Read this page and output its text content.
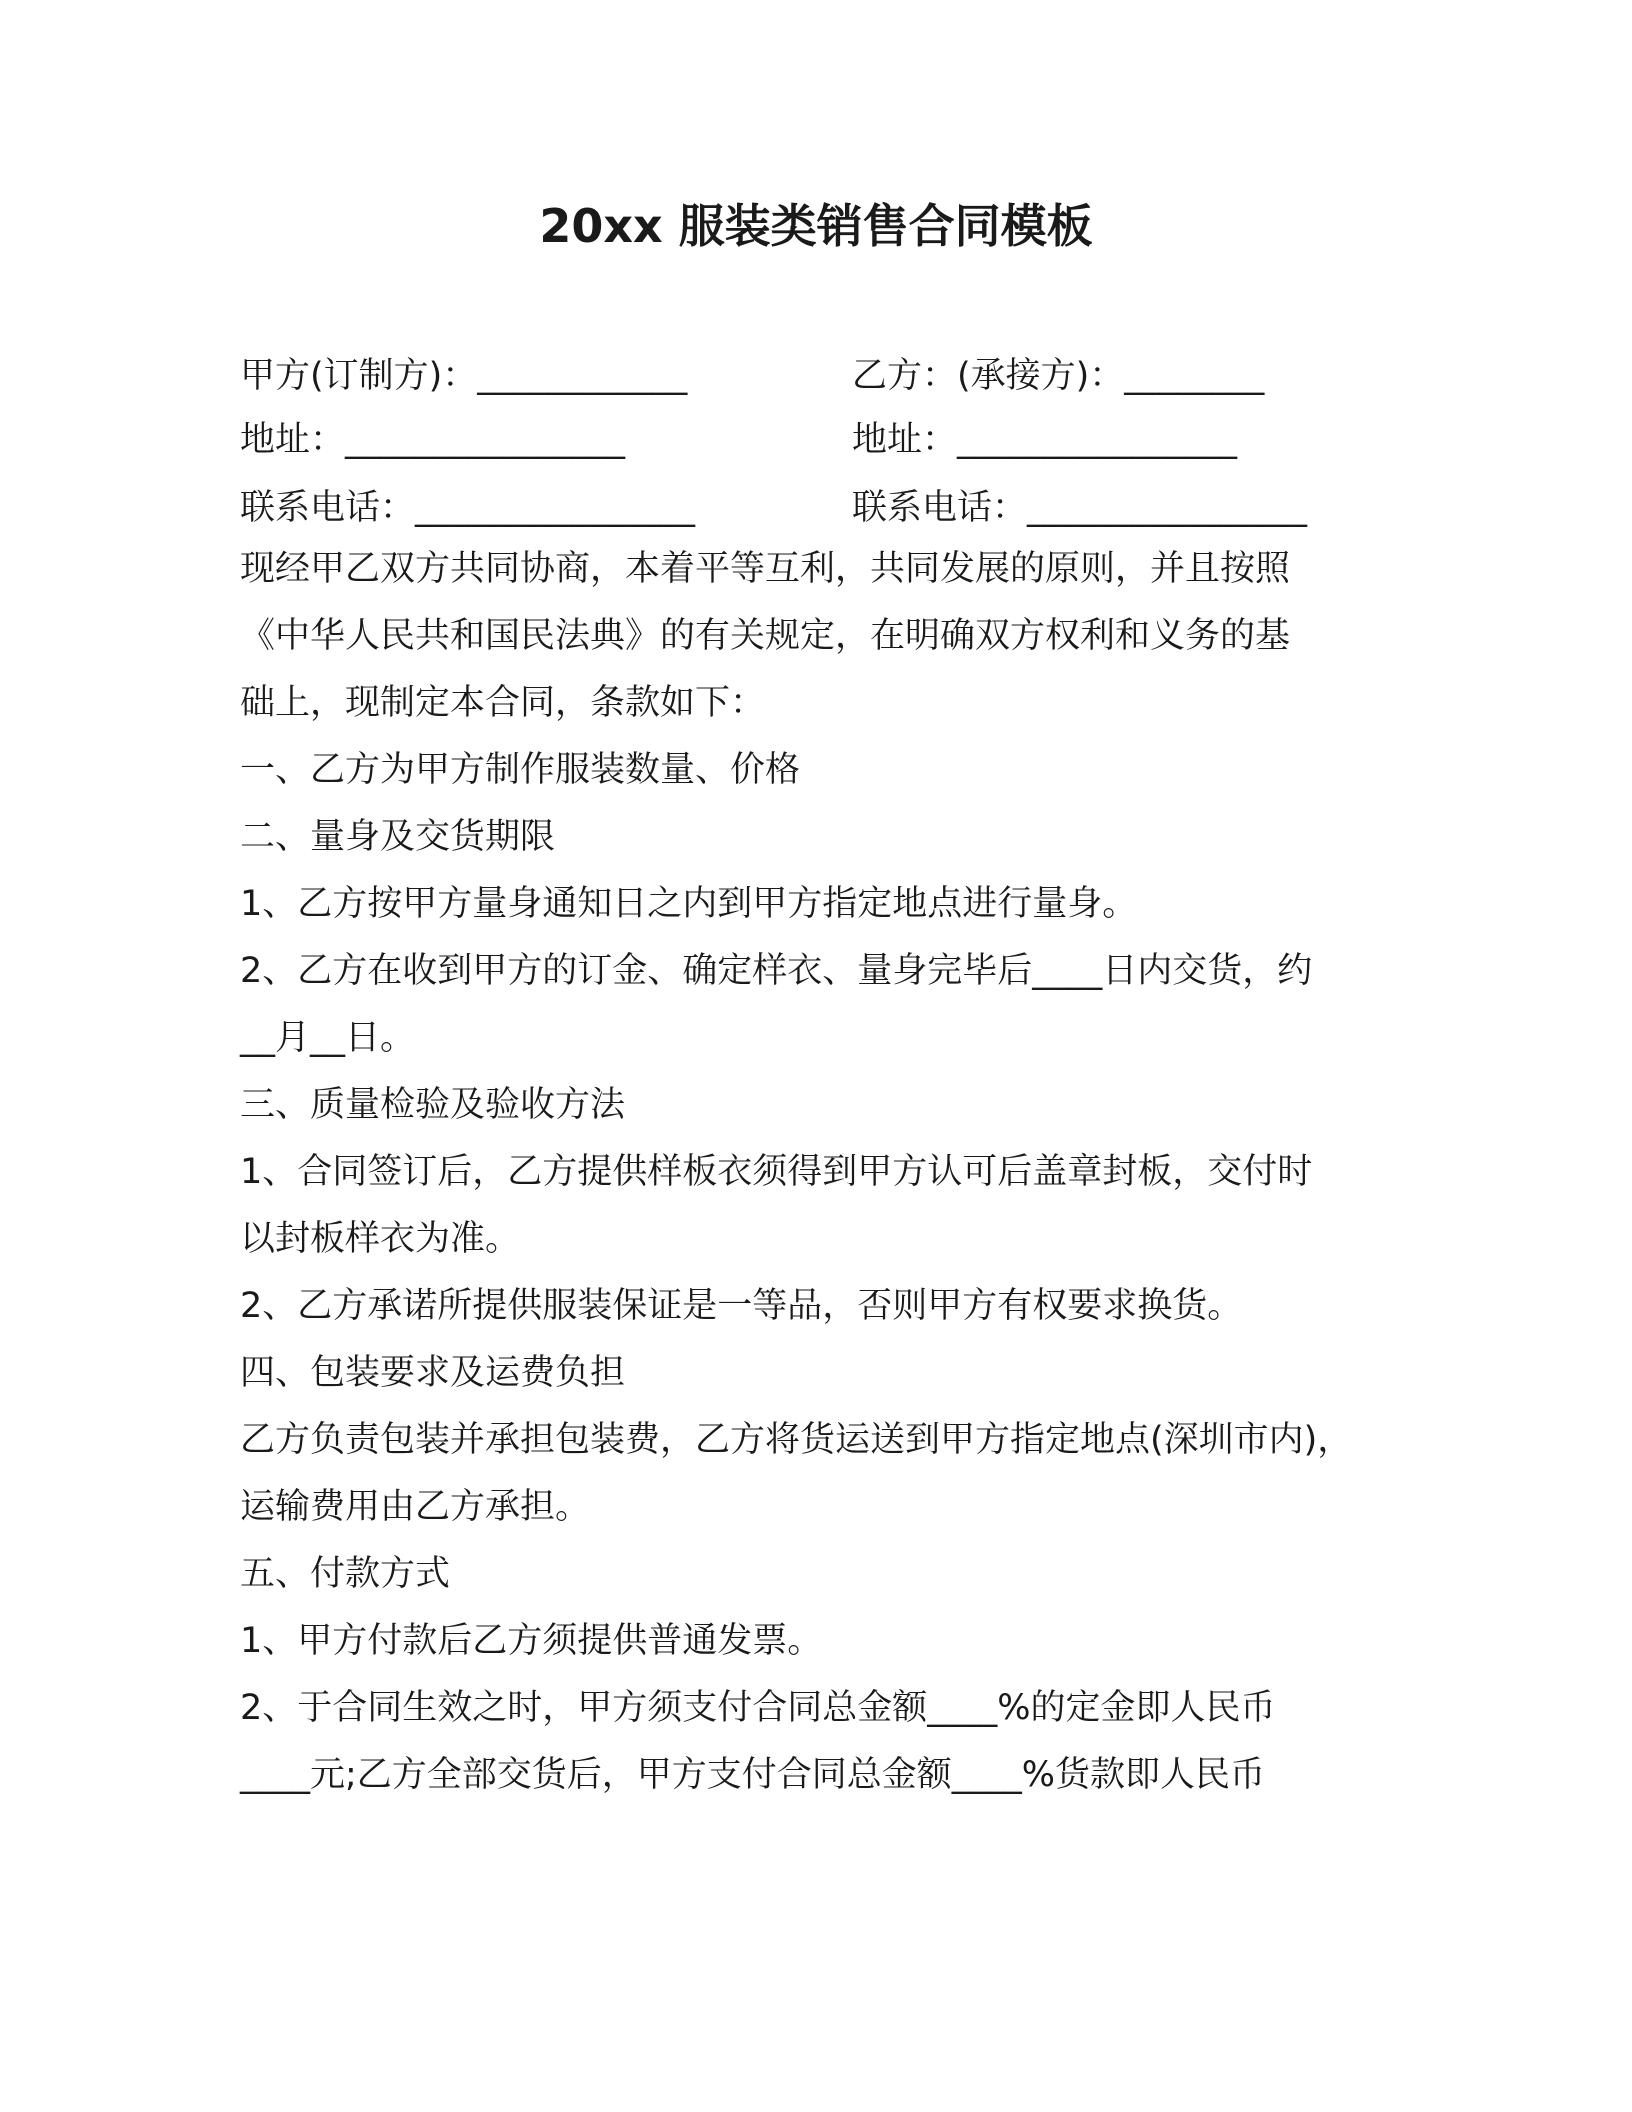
20xx 服装类销售合同模板
甲方(订制方)：____________	乙方：(承接方)：________
地址：________________	地址：________________
联系电话：________________	联系电话：________________
现经甲乙双方共同协商，本着平等互利，共同发展的原则，并且按照
《中华人民共和国民法典》的有关规定，在明确双方权利和义务的基
础上，现制定本合同，条款如下：
一、乙方为甲方制作服装数量、价格
二、量身及交货期限
1、乙方按甲方量身通知日之内到甲方指定地点进行量身。
2、乙方在收到甲方的订金、确定样衣、量身完毕后____日内交货，约
__月__日。
三、质量检验及验收方法
1、合同签订后，乙方提供样板衣须得到甲方认可后盖章封板，交付时
以封板样衣为准。
2、乙方承诺所提供服装保证是一等品，否则甲方有权要求换货。
四、包装要求及运费负担
乙方负责包装并承担包装费，乙方将货运送到甲方指定地点(深圳市内)，
运输费用由乙方承担。
五、付款方式
1、甲方付款后乙方须提供普通发票。
2、于合同生效之时，甲方须支付合同总金额____%的定金即人民币
____元;乙方全部交货后，甲方支付合同总金额____%货款即人民币
